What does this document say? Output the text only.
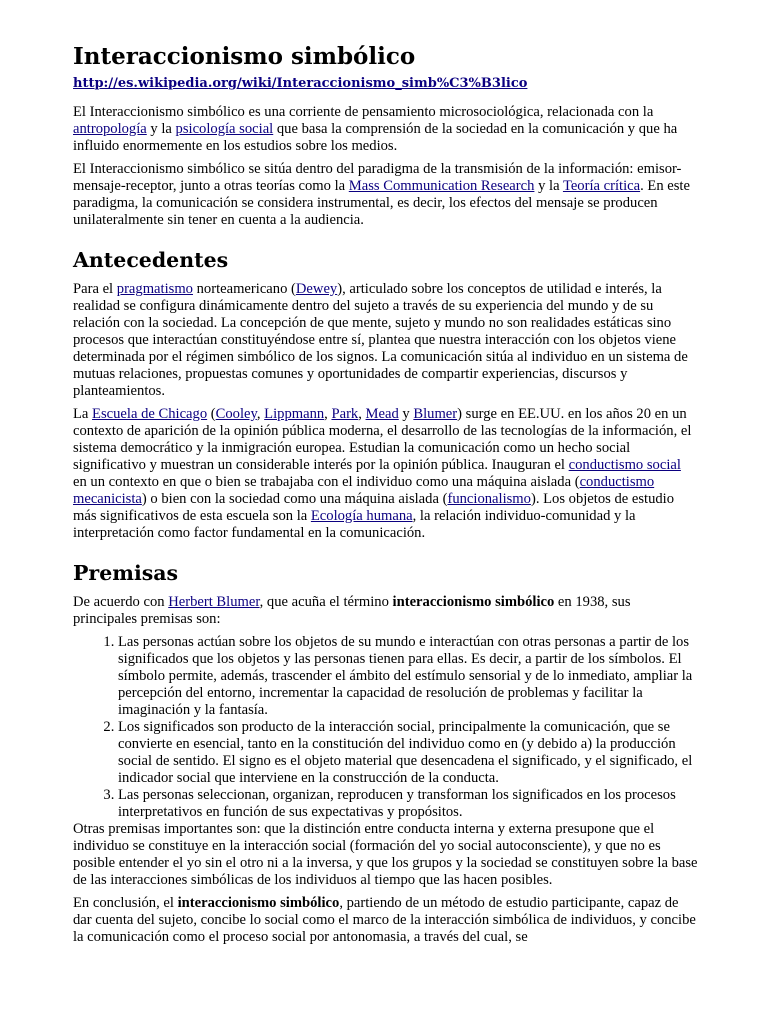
Interaccionismo simbólico
http://es.wikipedia.org/wiki/Interaccionismo_simb%C3%B3lico

El Interaccionismo simbólico es una corriente de pensamiento microsociológica, relacionada con la antropología y la psicología social que basa la comprensión de la sociedad en la comunicación y que ha influido enormemente en los estudios sobre los medios.

El Interaccionismo simbólico se sitúa dentro del paradigma de la transmisión de la información: emisor-mensaje-receptor, junto a otras teorías como la Mass Communication Research y la Teoría crítica. En este paradigma, la comunicación se considera instrumental, es decir, los efectos del mensaje se producen unilateralmente sin tener en cuenta a la audiencia.

Antecedentes

Para el pragmatismo norteamericano (Dewey), articulado sobre los conceptos de utilidad e interés, la realidad se configura dinámicamente dentro del sujeto a través de su experiencia del mundo y de su relación con la sociedad. La concepción de que mente, sujeto y mundo no son realidades estáticas sino procesos que interactúan constituyéndose entre sí, plantea que nuestra interacción con los objetos viene determinada por el régimen simbólico de los signos. La comunicación sitúa al individuo en un sistema de mutuas relaciones, propuestas comunes y oportunidades de compartir experiencias, discursos y planteamientos.

La Escuela de Chicago (Cooley, Lippmann, Park, Mead y Blumer) surge en EE.UU. en los años 20 en un contexto de aparición de la opinión pública moderna, el desarrollo de las tecnologías de la información, el sistema democrático y la inmigración europea. Estudian la comunicación como un hecho social significativo y muestran un considerable interés por la opinión pública. Inauguran el conductismo social en un contexto en que o bien se trabajaba con el individuo como una máquina aislada (conductismo mecanicista) o bien con la sociedad como una máquina aislada (funcionalismo). Los objetos de estudio más significativos de esta escuela son la Ecología humana, la relación individuo-comunidad y la interpretación como factor fundamental en la comunicación.

Premisas

De acuerdo con Herbert Blumer, que acuña el término interaccionismo simbólico en 1938, sus principales premisas son:

1. Las personas actúan sobre los objetos de su mundo e interactúan con otras personas a partir de los significados que los objetos y las personas tienen para ellas. Es decir, a partir de los símbolos. El símbolo permite, además, trascender el ámbito del estímulo sensorial y de lo inmediato, ampliar la percepción del entorno, incrementar la capacidad de resolución de problemas y facilitar la imaginación y la fantasía.
2. Los significados son producto de la interacción social, principalmente la comunicación, que se convierte en esencial, tanto en la constitución del individuo como en (y debido a) la producción social de sentido. El signo es el objeto material que desencadena el significado, y el significado, el indicador social que interviene en la construcción de la conducta.
3. Las personas seleccionan, organizan, reproducen y transforman los significados en los procesos interpretativos en función de sus expectativas y propósitos.

Otras premisas importantes son: que la distinción entre conducta interna y externa presupone que el individuo se constituye en la interacción social (formación del yo social autoconsciente), y que no es posible entender el yo sin el otro ni a la inversa, y que los grupos y la sociedad se constituyen sobre la base de las interacciones simbólicas de los individuos al tiempo que las hacen posibles.

En conclusión, el interaccionismo simbólico, partiendo de un método de estudio participante, capaz de dar cuenta del sujeto, concibe lo social como el marco de la interacción simbólica de individuos, y concibe la comunicación como el proceso social por antonomasia, a través del cual, se
